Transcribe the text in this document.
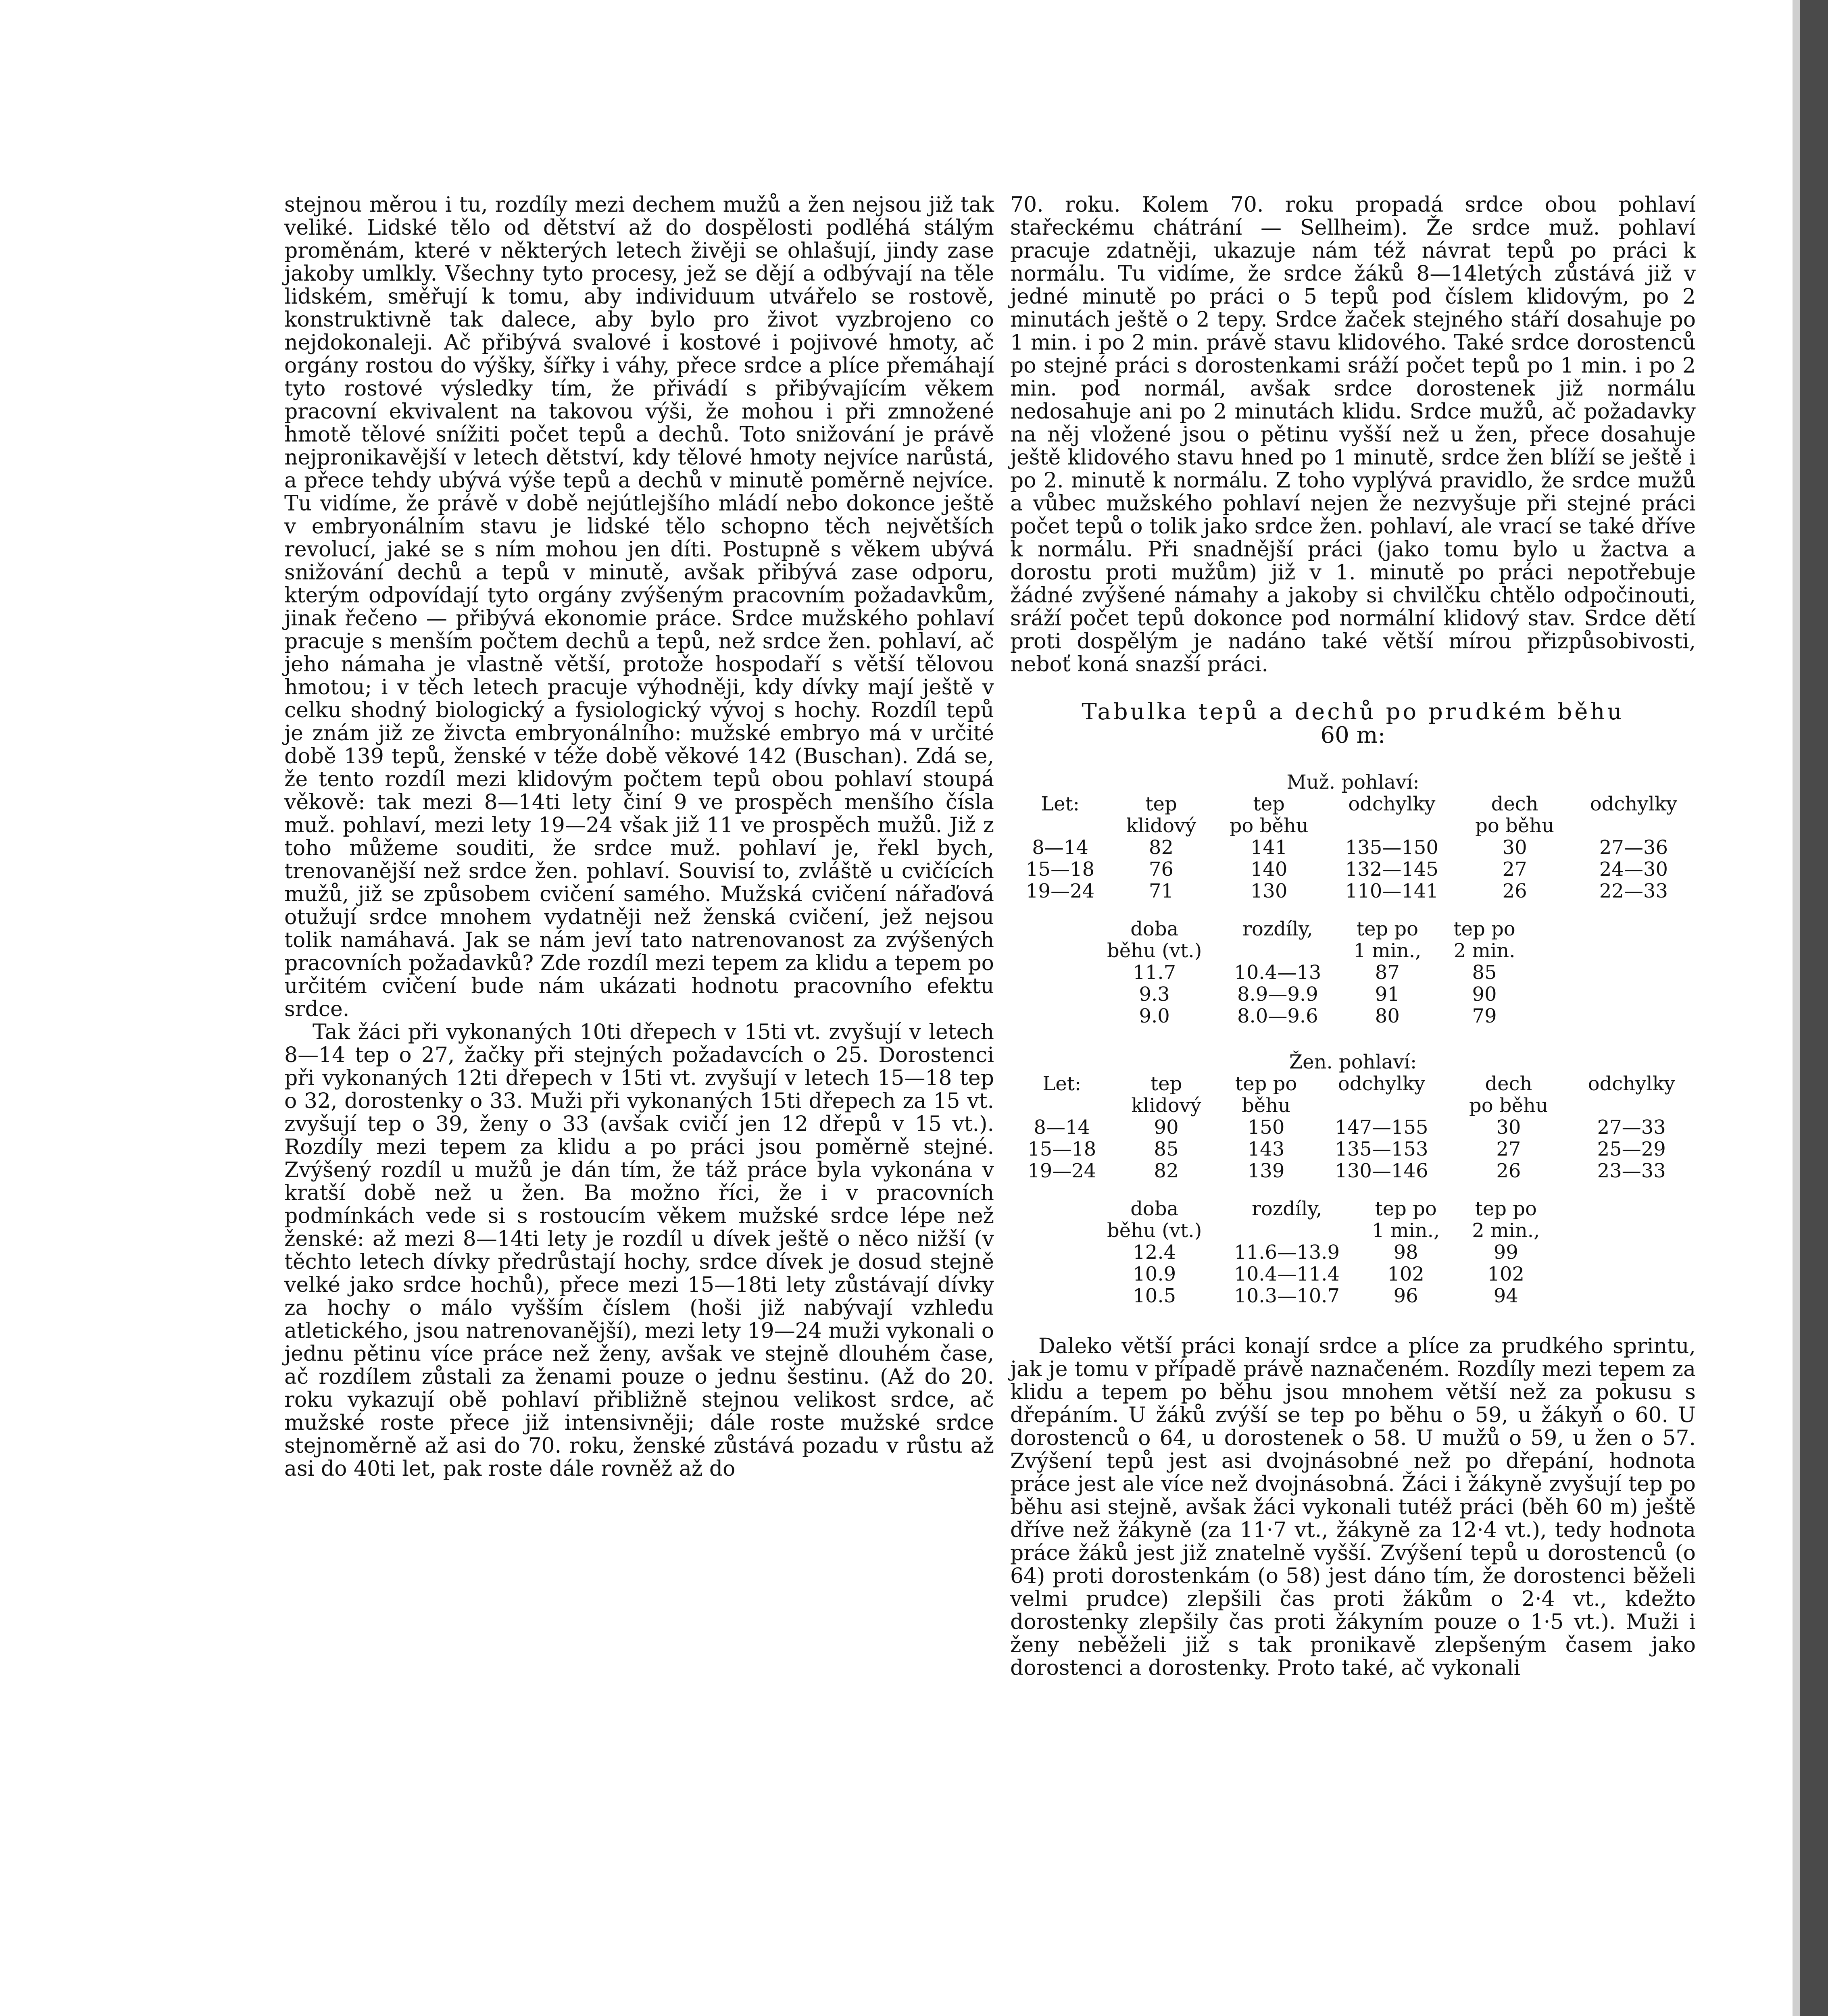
stejnou měrou i tu, rozdíly mezi dechem mužů a žen nejsou již tak veliké. Lidské tělo od dětství až do dospělosti podléhá stálým proměnám, které v některých letech živěji se ohlašují, jindy zase jakoby umlkly. Všechny tyto procesy, jež se dějí a odbývají na těle lidském, směřují k tomu, aby individuum utvářelo se rostově, konstruktivně tak dalece, aby bylo pro život vyzbrojeno co nejdokonaleji. Ač přibývá svalové i kostové i pojivové hmoty, ač orgány rostou do výšky, šířky i váhy, přece srdce a plíce přemáhají tyto rostové výsledky tím, že přivádí s přibývajícím věkem pracovní ekvivalent na takovou výši, že mohou i při zmnožené hmotě tělové snížiti počet tepů a dechů. Toto snižování je právě nejpronikavější v letech dětství, kdy tělové hmoty nejvíce narůstá, a přece tehdy ubývá výše tepů a dechů v minutě poměrně nejvíce. Tu vidíme, že právě v době nejútlejšího mládí nebo dokonce ještě v embryonálním stavu je lidské tělo schopno těch největších revolucí, jaké se s ním mohou jen díti. Postupně s věkem ubývá snižování dechů a tepů v minutě, avšak přibývá zase odporu, kterým odpovídají tyto orgány zvýšeným pracovním požadavkům, jinak řečeno — přibývá ekonomie práce. Srdce mužského pohlaví pracuje s menším počtem dechů a tepů, než srdce žen. pohlaví, ač jeho námaha je vlastně větší, protože hospodaří s větší tělovou hmotou; i v těch letech pracuje výhodněji, kdy dívky mají ještě v celku shodný biologický a fysiologický vývoj s hochy. Rozdíl tepů je znám již ze živcta embryonálního: mužské embryo má v určité době 139 tepů, ženské v téže době věkové 142 (Buschan). Zdá se, že tento rozdíl mezi klidovým počtem tepů obou pohlaví stoupá věkově: tak mezi 8—14ti lety činí 9 ve prospěch menšího čísla muž. pohlaví, mezi lety 19—24 však již 11 ve prospěch mužů. Již z toho můžeme souditi, že srdce muž. pohlaví je, řekl bych, trenovanější než srdce žen. pohlaví. Souvisí to, zvláště u cvičících mužů, již se způsobem cvičení samého. Mužská cvičení nářaďová otužují srdce mnohem vydatněji než ženská cvičení, jež nejsou tolik namáhavá. Jak se nám jeví tato natrenovanost za zvýšených pracovních požadavků? Zde rozdíl mezi tepem za klidu a tepem po určitém cvičení bude nám ukázati hodnotu pracovního efektu srdce.

Tak žáci při vykonaných 10ti dřepech v 15ti vt. zvyšují v letech 8—14 tep o 27, žačky při stejných požadavcích o 25. Dorostenci při vykonaných 12ti dřepech v 15ti vt. zvyšují v letech 15—18 tep o 32, dorostenky o 33. Muži při vykonaných 15ti dřepech za 15 vt. zvyšují tep o 39, ženy o 33 (avšak cvičí jen 12 dřepů v 15 vt.). Rozdíly mezi tepem za klidu a po práci jsou poměrně stejné. Zvýšený rozdíl u mužů je dán tím, že táž práce byla vykonána v kratší době než u žen. Ba možno říci, že i v pracovních podmínkách vede si s rostoucím věkem mužské srdce lépe než ženské: až mezi 8—14ti lety je rozdíl u dívek ještě o něco nižší (v těchto letech dívky předrůstají hochy, srdce dívek je dosud stejně velké jako srdce hochů), přece mezi 15—18ti lety zůstávají dívky za hochy o málo vyšším číslem (hoši již nabývají vzhledu atletického, jsou natrenovanější), mezi lety 19—24 muži vykonali o jednu pětinu více práce než ženy, avšak ve stejně dlouhém čase, ač rozdílem zůstali za ženami pouze o jednu šestinu. (Až do 20. roku vykazují obě pohlaví přibližně stejnou velikost srdce, ač mužské roste přece již intensivněji; dále roste mužské srdce stejnoměrně až asi do 70. roku, ženské zůstává pozadu v růstu až asi do 40ti let, pak roste dále rovněž až do

70. roku. Kolem 70. roku propadá srdce obou pohlaví stařeckému chátrání — Sellheim). Že srdce muž. pohlaví pracuje zdatněji, ukazuje nám též návrat tepů po práci k normálu. Tu vidíme, že srdce žáků 8—14letých zůstává již v jedné minutě po práci o 5 tepů pod číslem klidovým, po 2 minutách ještě o 2 tepy. Srdce žaček stejného stáří dosahuje po 1 min. i po 2 min. právě stavu klidového. Také srdce dorostenců po stejné práci s dorostenkami sráží počet tepů po 1 min. i po 2 min. pod normál, avšak srdce dorostenek již normálu nedosahuje ani po 2 minutách klidu. Srdce mužů, ač požadavky na něj vložené jsou o pětinu vyšší než u žen, přece dosahuje ještě klidového stavu hned po 1 minutě, srdce žen blíží se ještě i po 2. minutě k normálu. Z toho vyplývá pravidlo, že srdce mužů a vůbec mužského pohlaví nejen že nezvyšuje při stejné práci počet tepů o tolik jako srdce žen. pohlaví, ale vrací se také dříve k normálu. Při snadnější práci (jako tomu bylo u žactva a dorostu proti mužům) již v 1. minutě po práci nepotřebuje žádné zvýšené námahy a jakoby si chvilčku chtělo odpočinouti, sráží počet tepů dokonce pod normální klidový stav. Srdce dětí proti dospělým je nadáno také větší mírou přizpůsobivosti, neboť koná snazší práci.

Tabulka tepů a dechů po prudkém běhu
60 m:
Muž. pohlaví:
Let:	tep	tep	odchylky	dech	odchylky
	klidový	po běhu		po běhu	
8—14	82	141	135—150	30	27—36
15—18	76	140	132—145	27	24—30
19—24	71	130	110—141	26	22—33
doba	rozdíly,	tep po	tep po
běhu (vt.)		1 min.,	2 min.
11.7	10.4—13	87	85
9.3	8.9—9.9	91	90
9.0	8.0—9.6	80	79
Žen. pohlaví:
Let:	tep	tep po	odchylky	dech	odchylky
	klidový	běhu		po běhu	
8—14	90	150	147—155	30	27—33
15—18	85	143	135—153	27	25—29
19—24	82	139	130—146	26	23—33
doba	rozdíly,	tep po	tep po
běhu (vt.)		1 min.,	2 min.,
12.4	11.6—13.9	98	99
10.9	10.4—11.4	102	102
10.5	10.3—10.7	96	94

Daleko větší práci konají srdce a plíce za prudkého sprintu, jak je tomu v případě právě naznačeném. Rozdíly mezi tepem za klidu a tepem po běhu jsou mnohem větší než za pokusu s dřepáním. U žáků zvýší se tep po běhu o 59, u žákyň o 60. U dorostenců o 64, u dorostenek o 58. U mužů o 59, u žen o 57. Zvýšení tepů jest asi dvojnásobné než po dřepání, hodnota práce jest ale více než dvojnásobná. Žáci i žákyně zvyšují tep po běhu asi stejně, avšak žáci vykonali tutéž práci (běh 60 m) ještě dříve než žákyně (za 11·7 vt., žákyně za 12·4 vt.), tedy hodnota práce žáků jest již znatelně vyšší. Zvýšení tepů u dorostenců (o 64) proti dorostenkám (o 58) jest dáno tím, že dorostenci běželi velmi prudce) zlepšili čas proti žákům o 2·4 vt., kdežto dorostenky zlepšily čas proti žákyním pouze o 1·5 vt.). Muži i ženy neběželi již s tak pronikavě zlepšeným časem jako dorostenci a dorostenky. Proto také, ač vykonali
